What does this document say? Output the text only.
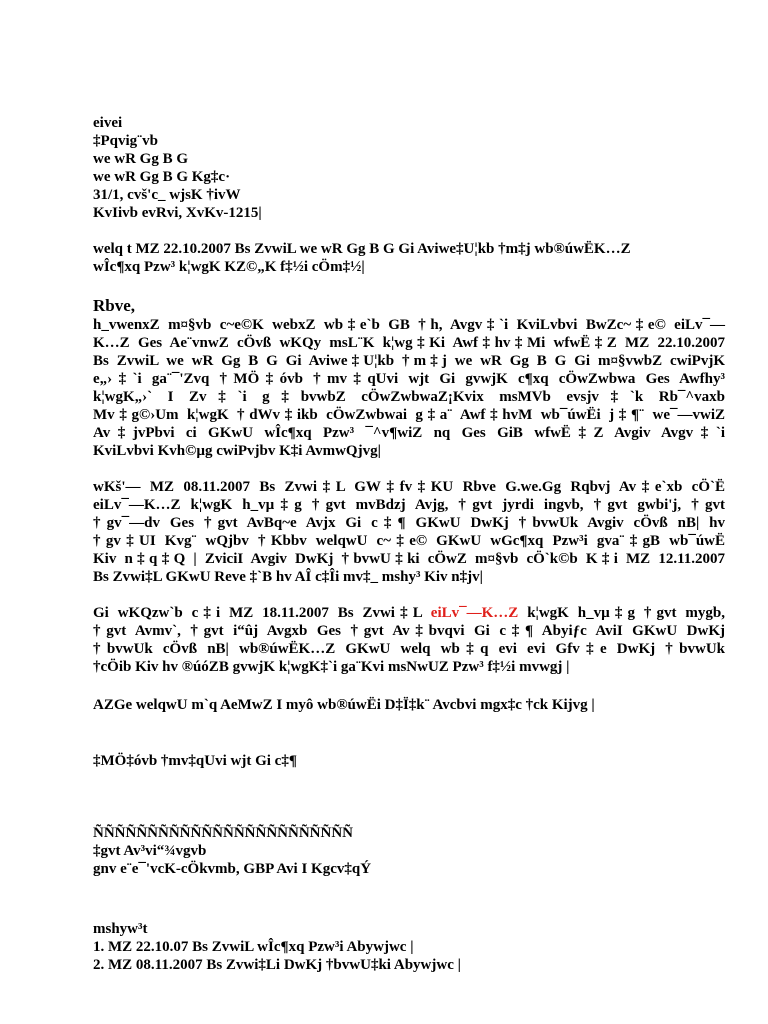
eivei
‡Pqvig¨vb
we wR Gg B G
we wR Gg B G Kg‡c·
31/1, cvš'c_ wjsK †ivW
KvIivb evRvi, XvKv-1215|
welq t MZ 22.10.2007 Bs ZvwiL we wR Gg B G Gi Aviwe‡U¦kb †m‡j wb®úwËK…Z
wÎc¶xq Pzw³ k¦wgK KZ©„K f‡½i cÖm‡½|
Rbve,
h_vwenxZ m¤§vb c~e©K webxZ wb‡e`b GB †h, Avgv‡`i KviLvbvi BwZc~‡e© eiLv¯—
K…Z Ges Ae¨vnwZ cÖvß wKQy msL¨K k¦wg‡Ki Awf‡hv‡Mi wfwË‡Z MZ 22.10.2007
Bs ZvwiL we wR Gg B G Gi Aviwe‡U¦kb †m‡j we wR Gg B G Gi m¤§vwbZ cwiPvjK
e„›‡`i ga¨¯'Zvq †MÖ‡óvb †mv‡qUvi wjt Gi gvwjK c¶xq cÖwZwbwa Ges Awfhy³
k¦wgK„›` I Zv‡`i g‡bvwbZ cÖwZwbwaZ¡Kvix msMVb evsjv‡`k Rb¯^vaxb
Mv‡g©›Um k¦wgK †dWv‡ikb cÖwZwbwai g‡a¨ Awf‡hvM wb¯úwËi j‡¶¨ we¯—vwiZ
Av‡jvPbvi ci GKwU wÎc¶xq Pzw³ ¯^v¶wiZ nq Ges GiB wfwË‡Z Avgiv Avgv‡`i
KviLvbvi Kvh©µg cwiPvjbv K‡i AvmwQjvg|
wKš'— MZ 08.11.2007 Bs Zvwi‡L GW‡fv‡KU Rbve G.we.Gg Rqbvj Av‡e`xb cÖ`Ë
eiLv¯—K…Z k¦wgK h_vµ‡g †gvt mvBdzj Avjg, †gvt jyrdi ingvb, †gvt gwbi'j, †gvt
†gv¯—dv Ges †gvt AvBq~e Avjx Gi c‡¶ GKwU DwKj †bvwUk Avgiv cÖvß nB| hv
†gv‡UI Kvg¨ wQjbv †Kbbv welqwU c~‡e© GKwU wGc¶xq Pzw³i gva¨‡gB wb¯úwË
Kiv n‡q‡Q | ZviciI Avgiv DwKj †bvwU‡ki cÖwZ m¤§vb cÖ`k©b K‡i MZ 12.11.2007
Bs Zvwi‡L GKwU Reve ‡`B hv AÎ c‡Îi mv‡_ mshy³ Kiv n‡jv|
Gi wKQzw`b c‡i MZ 18.11.2007 Bs Zvwi‡L eiLv¯—K…Z k¦wgK h_vµ‡g †gvt mygb,
†gvt Avmv`, †gvt i“ûj Avgxb Ges †gvt Av‡bvqvi Gi c‡¶ Abyiƒc AviI GKwU DwKj
†bvwUk cÖvß nB| wb®úwËK…Z GKwU welq wb‡q evi evi Gfv‡e DwKj †bvwUk
†cÖib Kiv hv ®úóZB gvwjK k¦wgK‡`i ga¨Kvi msNwUZ Pzw³ f‡½i mvwgj |
AZGe welqwU m`q AeMwZ I myô wb®úwËi D‡Ï‡k¨ Avcbvi mgx‡c †ck Kijvg |
‡MÖ‡óvb †mv‡qUvi wjt Gi c‡¶
ÑÑÑÑÑÑÑÑÑÑÑÑÑÑÑÑÑÑÑÑÑÑÑÑ
‡gvt Av³vi“¾vgvb
gnv e¨e¯'vcK-cÖkvmb, GBP Avi I Kgcv‡qÝ
mshyw³t
1. MZ 22.10.07 Bs ZvwiL wÎc¶xq Pzw³i Abywjwc |
2. MZ 08.11.2007 Bs Zvwi‡Li DwKj †bvwU‡ki Abywjwc |
